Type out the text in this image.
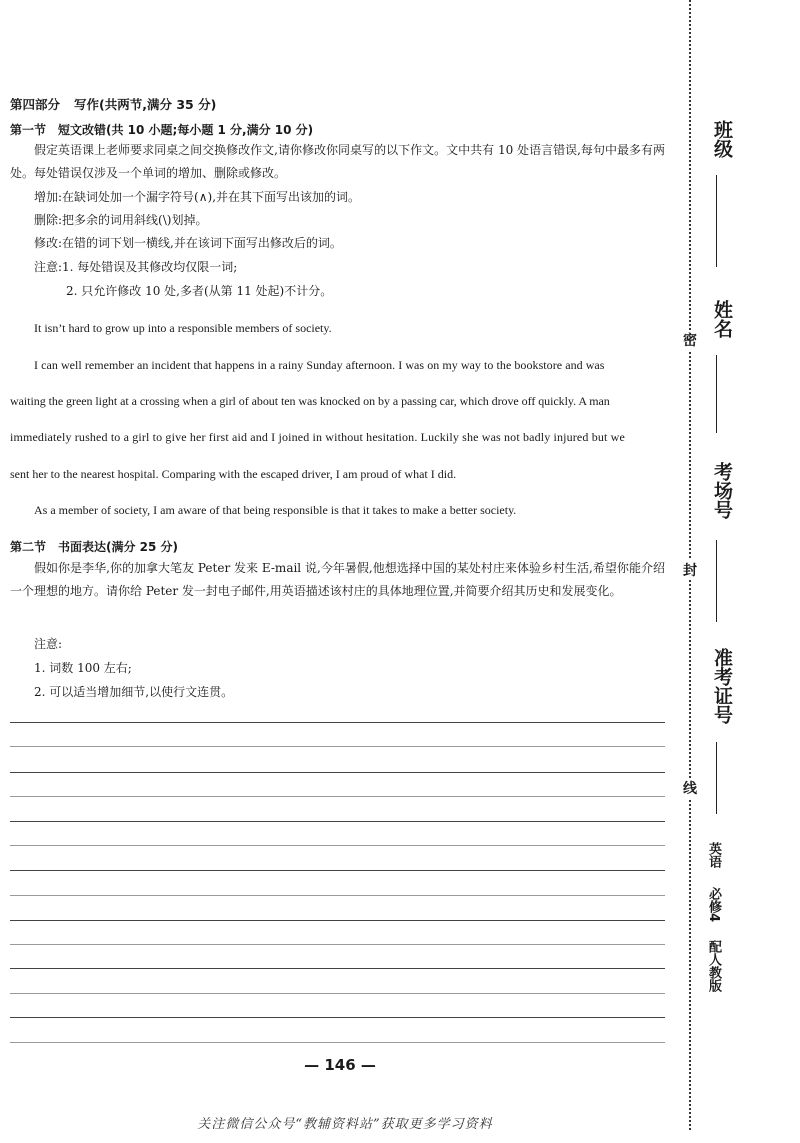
第四部分 写作(共两节,满分 35 分)
第一节 短文改错(共 10 小题;每小题 1 分,满分 10 分)
假定英语课上老师要求同桌之间交换修改作文,请你修改你同桌写的以下作文。文中共有 10 处语言错误,每句中最多有两处。每处错误仅涉及一个单词的增加、删除或修改。
增加:在缺词处加一个漏字符号(∧),并在其下面写出该加的词。
删除:把多余的词用斜线(\)划掉。
修改:在错的词下划一横线,并在该词下面写出修改后的词。
注意:1. 每处错误及其修改均仅限一词;
2. 只允许修改 10 处,多者(从第 11 处起)不计分。
It isn’t hard to grow up into a responsible members of society.
I can well remember an incident that happens in a rainy Sunday afternoon. I was on my way to the bookstore and was
waiting the green light at a crossing when a girl of about ten was knocked on by a passing car, which drove off quickly. A man
immediately rushed to a girl to give her first aid and I joined in without hesitation. Luckily she was not badly injured but we
sent her to the nearest hospital. Comparing with the escaped driver, I am proud of what I did.
As a member of society, I am aware of that being responsible is that it takes to make a better society.
第二节 书面表达(满分 25 分)
假如你是李华,你的加拿大笔友 Peter 发来 E-mail 说,今年暑假,他想选择中国的某处村庄来体验乡村生活,希望你能介绍一个理想的地方。请你给 Peter 发一封电子邮件,用英语描述该村庄的具体地理位置,并简要介绍其历史和发展变化。
注意:
1. 词数 100 左右;
2. 可以适当增加细节,以使行文连贯。
— 146 —
关注微信公众号“教辅资料站”获取更多学习资料
密
封
线
班级
姓名
考场号
准考证号
英语 必修4 配人教版
